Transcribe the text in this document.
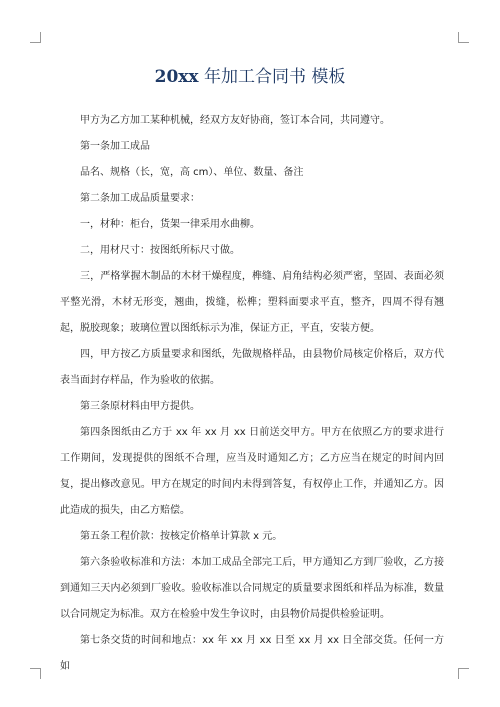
20xx 年加工合同书 模板

甲方为乙方加工某种机械，经双方友好协商，签订本合同，共同遵守。

第一条加工成品

品名、规格（长，宽，高 cm）、单位、数量、备注

第二条加工成品质量要求：

一，材种：柜台，货架一律采用水曲柳。

二，用材尺寸：按图纸所标尺寸做。

三，严格掌握木制品的木材干燥程度，榫缝、肩角结构必须严密，坚固、表面必须平整光滑，木材无形变，翘曲，拨缝，松榫；塑料面要求平直，整齐，四周不得有翘起，脱胶现象；玻璃位置以图纸标示为准，保证方正，平直，安装方便。

四，甲方按乙方质量要求和图纸，先做规格样品，由县物价局核定价格后，双方代表当面封存样品，作为验收的依据。

第三条原材料由甲方提供。

第四条图纸由乙方于 xx 年 xx 月 xx 日前送交甲方。甲方在依照乙方的要求进行工作期间，发现提供的图纸不合理，应当及时通知乙方；乙方应当在规定的时间内回复，提出修改意见。甲方在规定的时间内未得到答复，有权停止工作，并通知乙方。因此造成的损失，由乙方赔偿。

第五条工程价款：按核定价格单计算款 x 元。

第六条验收标准和方法：本加工成品全部完工后，甲方通知乙方到厂验收，乙方接到通知三天内必须到厂验收。验收标准以合同规定的质量要求图纸和样品为标准，数量以合同规定为标准。双方在检验中发生争议时，由县物价局提供检验证明。

第七条交货的时间和地点：xx 年 xx 月 xx 日至 xx 月 xx 日全部交货。任何一方如
